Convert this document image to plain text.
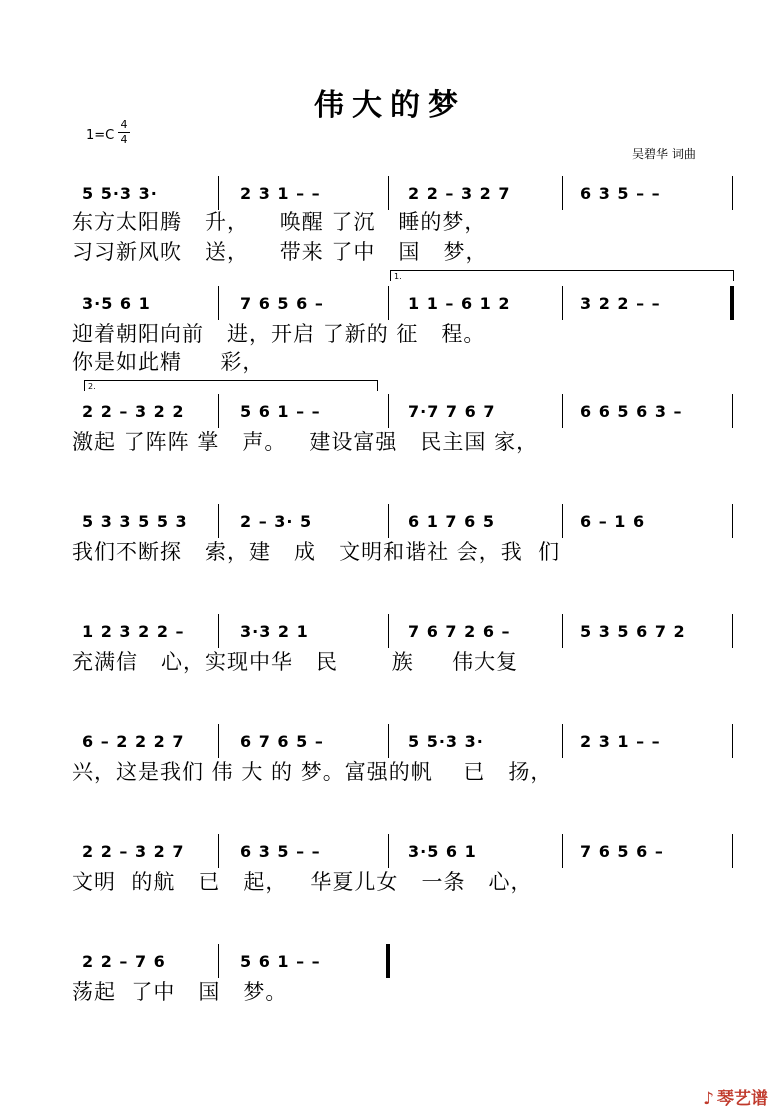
伟大的梦
$1=C \frac{4}{4}$
吴碧华 词曲
5 5·3 3·	2 3 1 – –	2 2 – 3 2 7	6 3 5 – –
东方太阳腾   升，    唤醒 了沉   睡的梦，
习习新风吹   送，    带来 了中   国   梦，
1.
3·5 6 1	7 6 5 6 –	1 1 – 6 1 2	3 2 2 – –
迎着朝阳向前   进，开启 了新的 征   程。
你是如此精     彩，
2.
2 2 – 3 2 2	5 6 1 – –	7·7 7 6 7	6 6 5 6 3 –
激起 了阵阵 掌   声。   建设富强   民主国 家，
5 3 3 5 5 3	2 – 3· 5	6 1 7 6 5	6 – 1 6
我们不断探   索，建   成   文明和谐社 会，我  们
1 2 3 2 2 –	3·3 2 1	7 6 7 2 6 –	5 3 5 6 7 2
充满信   心，实现中华   民       族     伟大复
6 – 2 2 2 7	6 7 6 5 –	5 5·3 3·	2 3 1 – –
兴，这是我们 伟 大 的 梦。富强的帆    已   扬，
2 2 – 3 2 7	6 3 5 – –	3·5 6 1	7 6 5 6 –
文明  的航   已   起，   华夏儿女   一条   心，
2 2 – 7 6	5 6 1 – –
荡起  了中   国   梦。
♪ 琴艺谱
